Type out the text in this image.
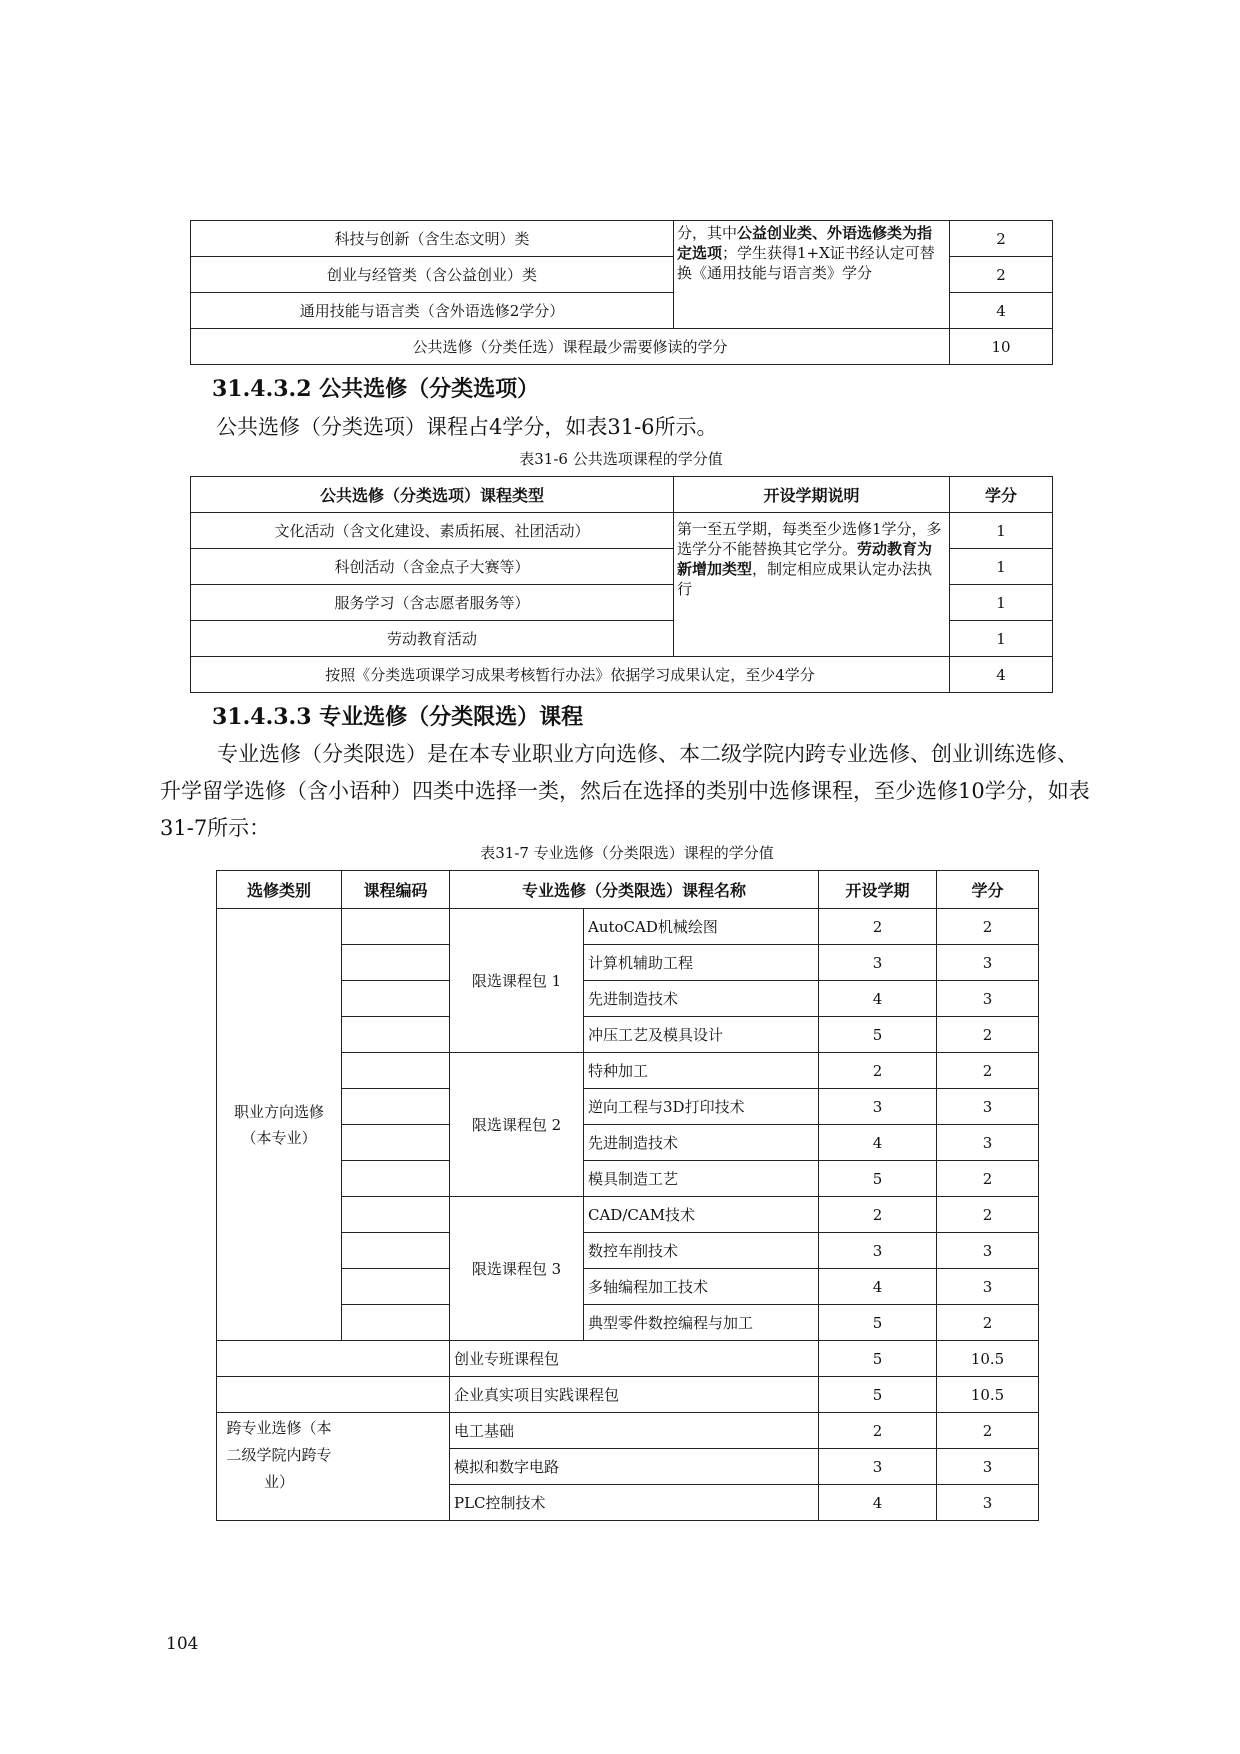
科技与创新（含生态文明）类	分，其中公益创业类、外语选修类为指定选项；学生获得1+X证书经认定可替换《通用技能与语言类》学分	2
创业与经管类（含公益创业）类		2
通用技能与语言类（含外语选修2学分）		4
公共选修（分类任选）课程最少需要修读的学分		10
31.4.3.2 公共选修（分类选项）

公共选修（分类选项）课程占4学分，如表31-6所示。

表31-6 公共选项课程的学分值

公共选修（分类选项）课程类型	开设学期说明	学分
文化活动（含文化建设、素质拓展、社团活动）	第一至五学期，每类至少选修1学分，多选学分不能替换其它学分。劳动教育为新增加类型，制定相应成果认定办法执行	1
科创活动（含金点子大赛等）		1
服务学习（含志愿者服务等）		1
劳动教育活动		1
按照《分类选项课学习成果考核暂行办法》依据学习成果认定，至少4学分		4
31.4.3.3 专业选修（分类限选）课程

专业选修（分类限选）是在本专业职业方向选修、本二级学院内跨专业选修、创业训练选修、升学留学选修（含小语种）四类中选择一类，然后在选择的类别中选修课程，至少选修10学分，如表31-7所示：

表31-7 专业选修（分类限选）课程的学分值

选修类别	课程编码	专业选修（分类限选）课程名称		开设学期	学分
职业方向选修（本专业）		限选课程包 1	AutoCAD机械绘图	2	2
			计算机辅助工程	3	3
			先进制造技术	4	3
			冲压工艺及模具设计	5	2
		限选课程包 2	特种加工	2	2
			逆向工程与3D打印技术	3	3
			先进制造技术	4	3
			模具制造工艺	5	2
		限选课程包 3	CAD/CAM技术	2	2
			数控车削技术	3	3
			多轴编程加工技术	4	3
			典型零件数控编程与加工	5	2
		创业专班课程包		5	10.5
		企业真实项目实践课程包		5	10.5

跨专业选修（本二级学院内跨专业）		电工基础		2	2
		模拟和数字电路		3	3
		PLC控制技术		4	3
104
